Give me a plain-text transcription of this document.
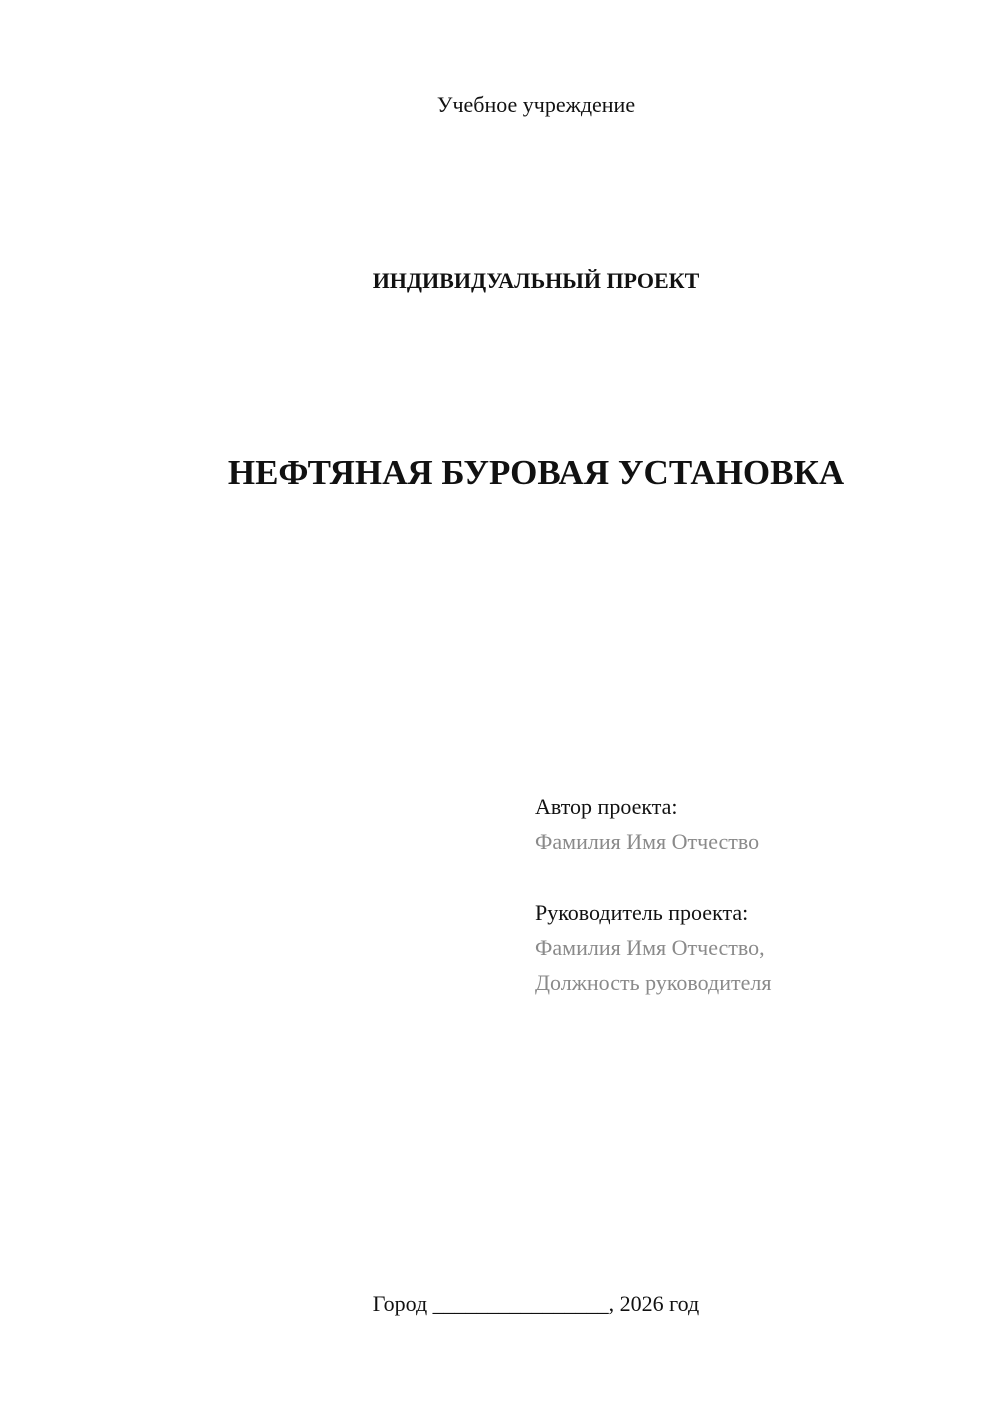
Учебное учреждение
ИНДИВИДУАЛЬНЫЙ ПРОЕКТ
НЕФТЯНАЯ БУРОВАЯ УСТАНОВКА
Автор проекта:
Фамилия Имя Отчество
Руководитель проекта:
Фамилия Имя Отчество,
Должность руководителя
Город ________________, 2026 год
